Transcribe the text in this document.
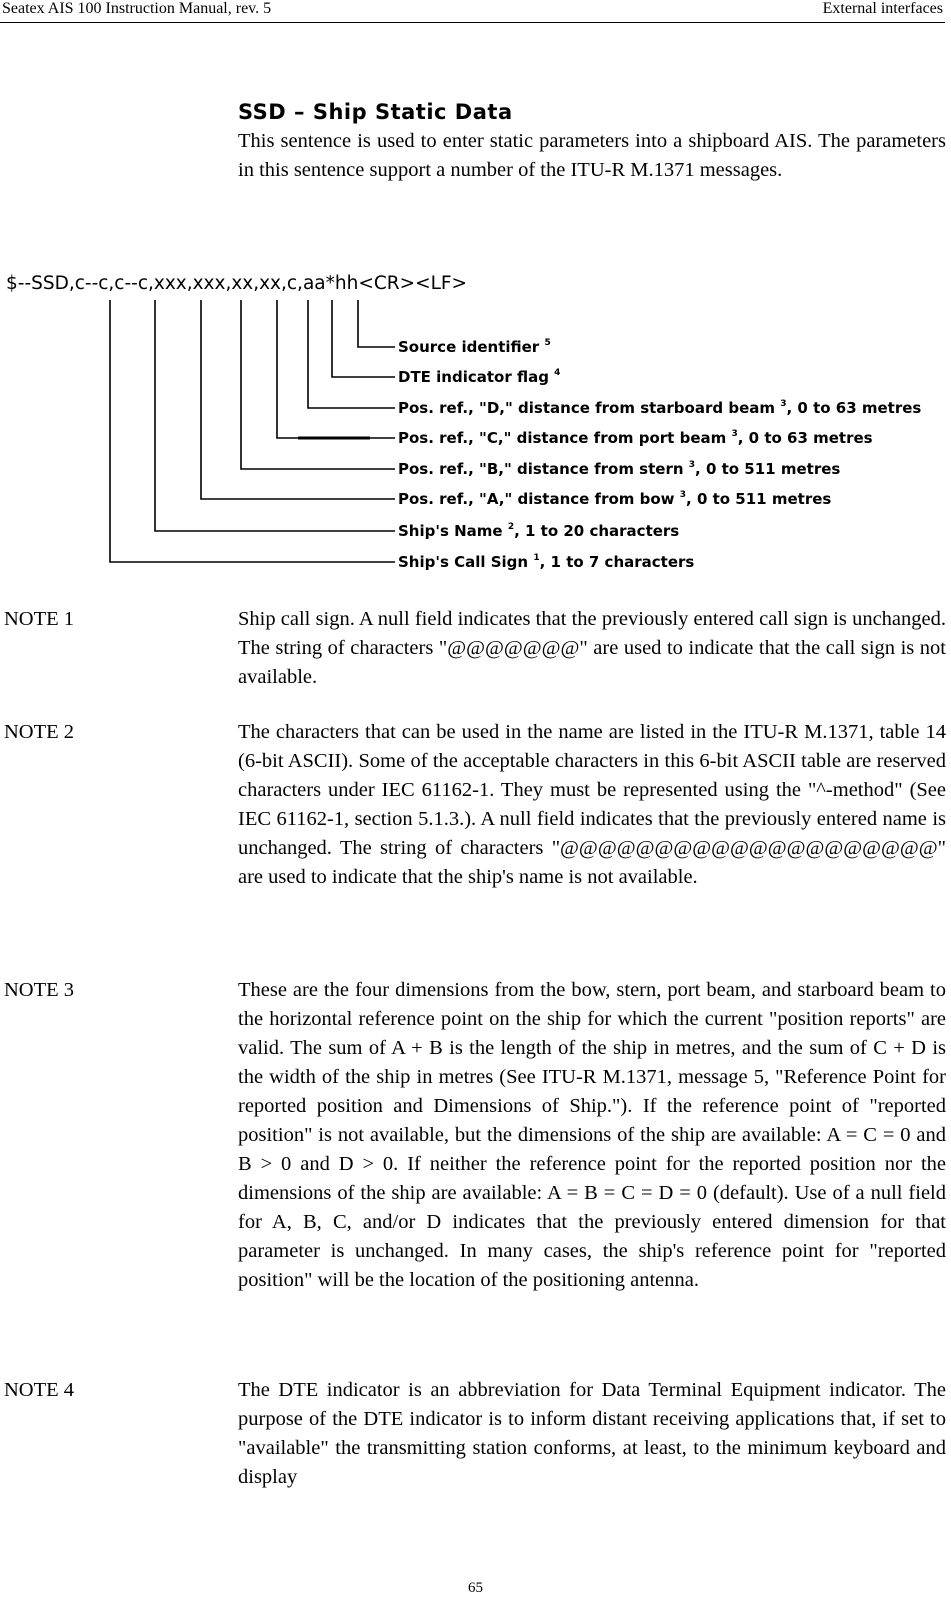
Seatex AIS 100 Instruction Manual, rev. 5	External interfaces
SSD – Ship Static Data
This sentence is used to enter static parameters into a shipboard AIS. The parameters in this sentence support a number of the ITU-R M.1371 messages.
$--SSD,c--c,c--c,xxx,xxx,xx,xx,c,aa*hh<CR><LF>
Source identifier $^5$
DTE indicator flag $^4$
Pos. ref., "D," distance from starboard beam $^3$, 0 to 63 metres
Pos. ref., "C," distance from port beam $^3$, 0 to 63 metres
Pos. ref., "B," distance from stern $^3$, 0 to 511 metres
Pos. ref., "A," distance from bow $^3$, 0 to 511 metres
Ship's Name $^2$, 1 to 20 characters
Ship's Call Sign $^1$, 1 to 7 characters
NOTE 1	Ship call sign. A null field indicates that the previously entered call sign is unchanged. The string of characters "@@@@@@@" are used to indicate that the call sign is not available.
NOTE 2	The characters that can be used in the name are listed in the ITU-R M.1371, table 14 (6-bit ASCII). Some of the acceptable characters in this 6-bit ASCII table are reserved characters under IEC 61162-1. They must be represented using the "^-method" (See IEC 61162-1, section 5.1.3.). A null field indicates that the previously entered name is unchanged. The string of characters "@@@@@@@@@@@@@@@@@@@@" are used to indicate that the ship's name is not available.
NOTE 3	These are the four dimensions from the bow, stern, port beam, and starboard beam to the horizontal reference point on the ship for which the current "position reports" are valid. The sum of A + B is the length of the ship in metres, and the sum of C + D is the width of the ship in metres (See ITU-R M.1371, message 5, "Reference Point for reported position and Dimensions of Ship."). If the reference point of "reported position" is not available, but the dimensions of the ship are available: A = C = 0 and B > 0 and D > 0. If neither the reference point for the reported position nor the dimensions of the ship are available: A = B = C = D = 0 (default). Use of a null field for A, B, C, and/or D indicates that the previously entered dimension for that parameter is unchanged. In many cases, the ship's reference point for "reported position" will be the location of the positioning antenna.
NOTE 4	The DTE indicator is an abbreviation for Data Terminal Equipment indicator. The purpose of the DTE indicator is to inform distant receiving applications that, if set to "available" the transmitting station conforms, at least, to the minimum keyboard and display
65
